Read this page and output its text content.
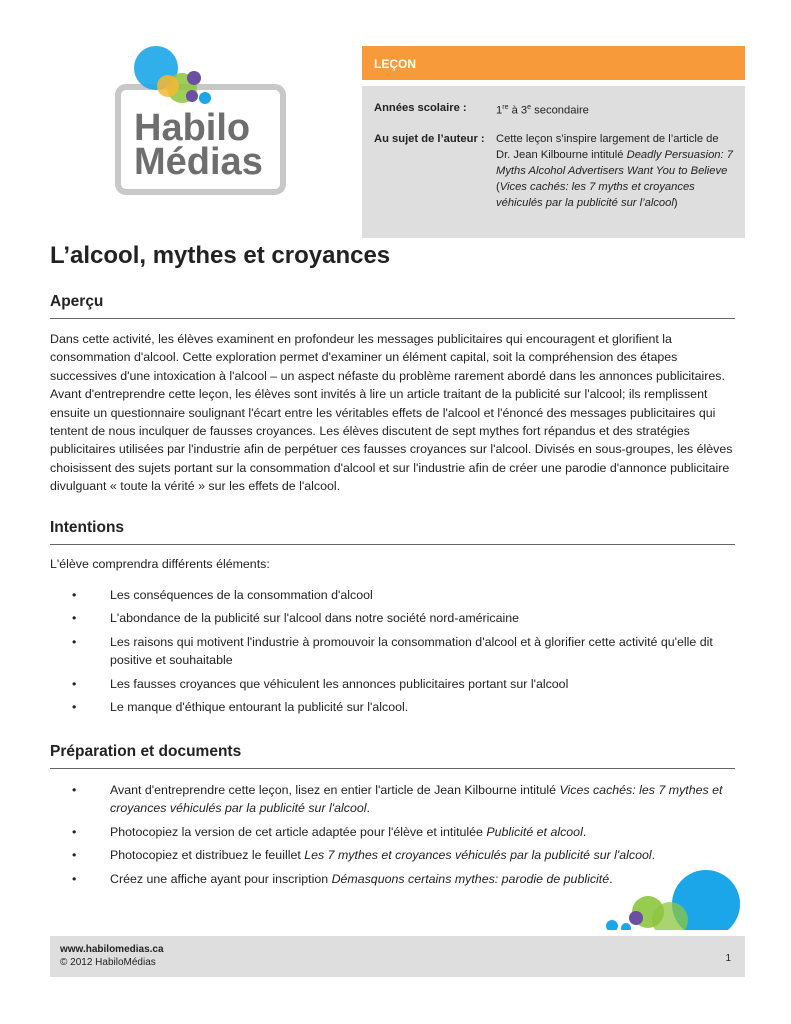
Habilo
Médias
LEÇON
Années scolaire :	1re à 3e secondaire
Au sujet de l’auteur :	Cette leçon s’inspire largement de l’article de Dr. Jean Kilbourne intitulé Deadly Persuasion: 7 Myths Alcohol Advertisers Want You to Believe (Vices cachés: les 7 myths et croyances véhiculés par la publicité sur l’alcool)
L’alcool, mythes et croyances
Aperçu

Dans cette activité, les élèves examinent en profondeur les messages publicitaires qui encouragent et glorifient la consommation d'alcool. Cette exploration permet d'examiner un élément capital, soit la compréhension des étapes successives d'une intoxication à l'alcool – un aspect néfaste du problème rarement abordé dans les annonces publicitaires. Avant d'entreprendre cette leçon, les élèves sont invités à lire un article traitant de la publicité sur l'alcool; ils remplissent ensuite un questionnaire soulignant l'écart entre les véritables effets de l'alcool et l'énoncé des messages publicitaires qui tentent de nous inculquer de fausses croyances. Les élèves discutent de sept mythes fort répandus et des stratégies publicitaires utilisées par l'industrie afin de perpétuer ces fausses croyances sur l'alcool. Divisés en sous-groupes, les élèves choisissent des sujets portant sur la consommation d'alcool et sur l'industrie afin de créer une parodie d'annonce publicitaire divulguant « toute la vérité » sur les effets de l'alcool.

Intentions

L'élève comprendra différents éléments:

• Les conséquences de la consommation d'alcool
• L'abondance de la publicité sur l'alcool dans notre société nord-américaine
• Les raisons qui motivent l'industrie à promouvoir la consommation d'alcool et à glorifier cette activité qu'elle dit positive et souhaitable
• Les fausses croyances que véhiculent les annonces publicitaires portant sur l'alcool
• Le manque d'éthique entourant la publicité sur l'alcool.
Préparation et documents
• Avant d'entreprendre cette leçon, lisez en entier l'article de Jean Kilbourne intitulé Vices cachés: les 7 mythes et croyances véhiculés par la publicité sur l'alcool.
• Photocopiez la version de cet article adaptée pour l'élève et intitulée Publicité et alcool.
• Photocopiez et distribuez le feuillet Les 7 mythes et croyances véhiculés par la publicité sur l'alcool.
• Créez une affiche ayant pour inscription Démasquons certains mythes: parodie de publicité.
www.habilomedias.ca
© 2012 HabiloMédias	1
